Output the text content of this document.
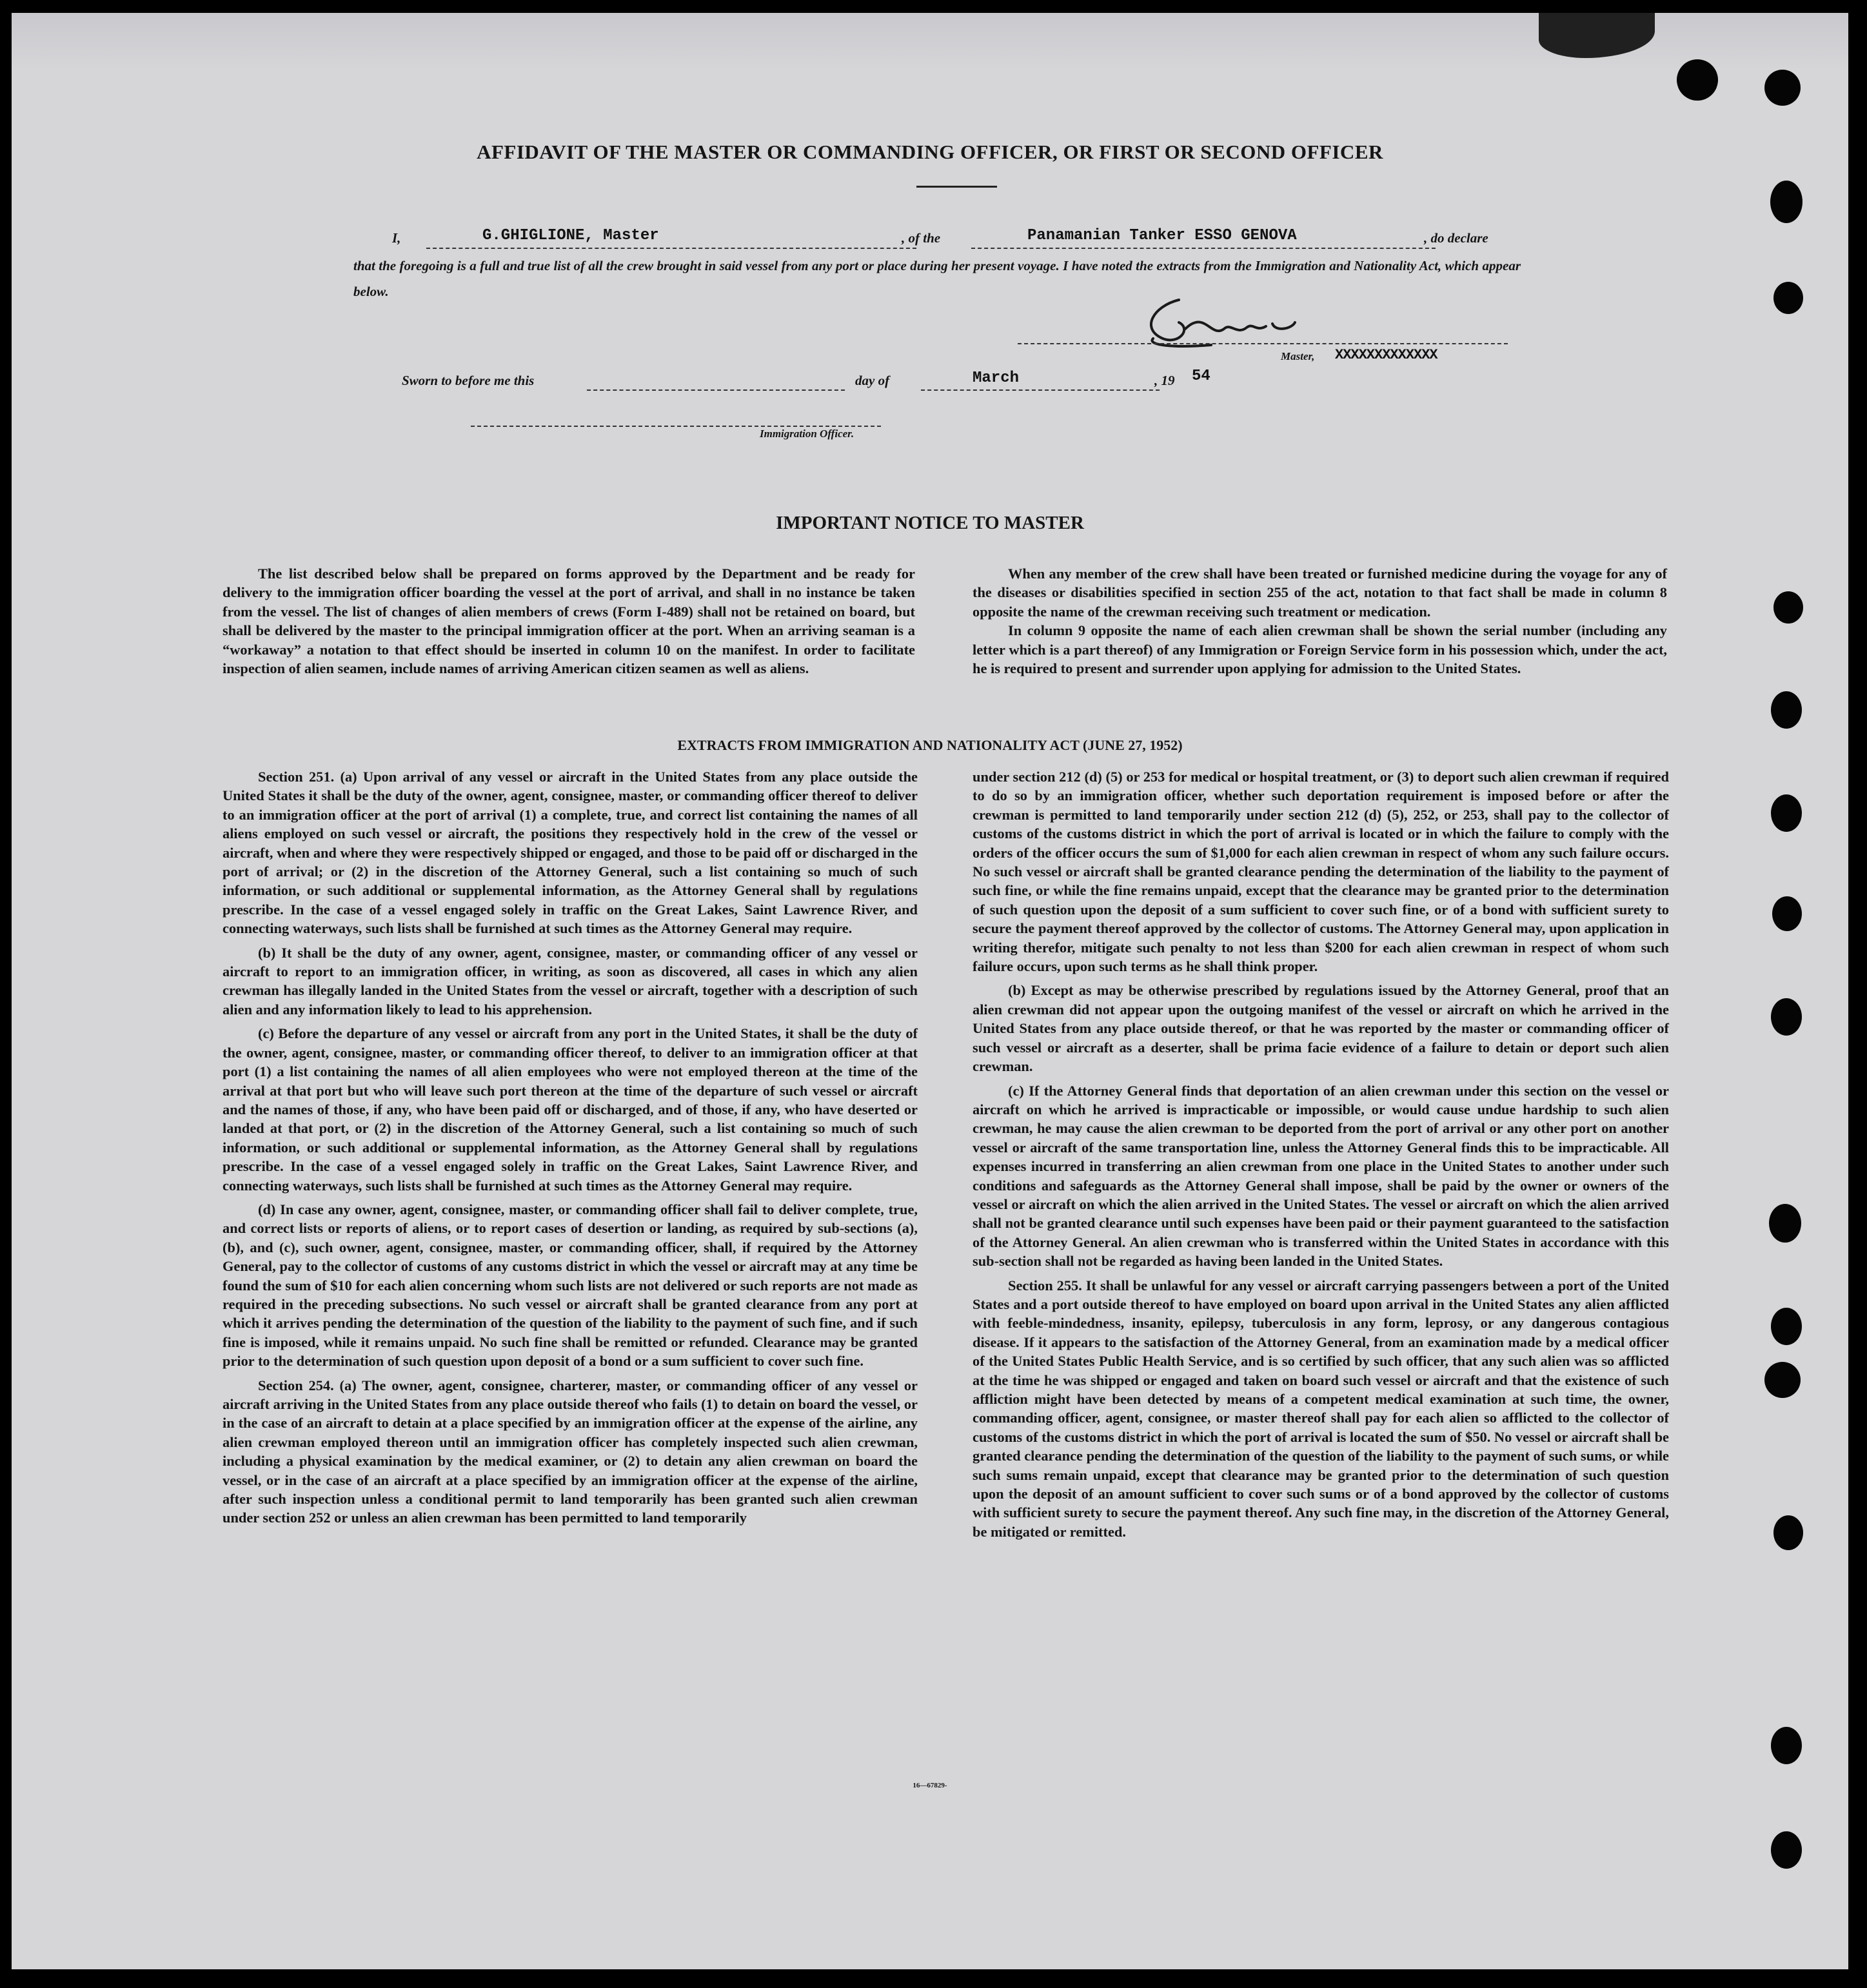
AFFIDAVIT OF THE MASTER OR COMMANDING OFFICER, OR FIRST OR SECOND OFFICER
I,	G.GHIGLIONE, Master	, of the	Panamanian Tanker ESSO GENOVA	, do declare
that the foregoing is a full and true list of all the crew brought in said vessel from any port or place during her present voyage. I have noted the extracts from the Immigration and Nationality Act, which appear below.
Master, XXXXXXXXXXXXX
Sworn to before me this	day of	March	, 19 54
Immigration Officer.
IMPORTANT NOTICE TO MASTER

The list described below shall be prepared on forms approved by the Department and be ready for delivery to the immigration officer boarding the vessel at the port of arrival, and shall in no instance be taken from the vessel. The list of changes of alien members of crews (Form I-489) shall not be retained on board, but shall be delivered by the master to the principal immigration officer at the port. When an arriving seaman is a “workaway” a notation to that effect should be inserted in column 10 on the manifest. In order to facilitate inspection of alien seamen, include names of arriving American citizen seamen as well as aliens.

When any member of the crew shall have been treated or furnished medicine during the voyage for any of the diseases or disabilities specified in section 255 of the act, notation to that fact shall be made in column 8 opposite the name of the crewman receiving such treatment or medication.

In column 9 opposite the name of each alien crewman shall be shown the serial number (including any letter which is a part thereof) of any Immigration or Foreign Service form in his possession which, under the act, he is required to present and surrender upon applying for admission to the United States.

EXTRACTS FROM IMMIGRATION AND NATIONALITY ACT (JUNE 27, 1952)

Section 251. (a) Upon arrival of any vessel or aircraft in the United States from any place outside the United States it shall be the duty of the owner, agent, consignee, master, or commanding officer thereof to deliver to an immigration officer at the port of arrival (1) a complete, true, and correct list containing the names of all aliens employed on such vessel or aircraft, the positions they respectively hold in the crew of the vessel or aircraft, when and where they were respectively shipped or engaged, and those to be paid off or discharged in the port of arrival; or (2) in the discretion of the Attorney General, such a list containing so much of such information, or such additional or supplemental information, as the Attorney General shall by regulations prescribe. In the case of a vessel engaged solely in traffic on the Great Lakes, Saint Lawrence River, and connecting waterways, such lists shall be furnished at such times as the Attorney General may require.

(b) It shall be the duty of any owner, agent, consignee, master, or commanding officer of any vessel or aircraft to report to an immigration officer, in writing, as soon as discovered, all cases in which any alien crewman has illegally landed in the United States from the vessel or aircraft, together with a description of such alien and any information likely to lead to his apprehension.

(c) Before the departure of any vessel or aircraft from any port in the United States, it shall be the duty of the owner, agent, consignee, master, or commanding officer thereof, to deliver to an immigration officer at that port (1) a list containing the names of all alien employees who were not employed thereon at the time of the arrival at that port but who will leave such port thereon at the time of the departure of such vessel or aircraft and the names of those, if any, who have been paid off or discharged, and of those, if any, who have deserted or landed at that port, or (2) in the discretion of the Attorney General, such a list containing so much of such information, or such additional or supplemental information, as the Attorney General shall by regulations prescribe. In the case of a vessel engaged solely in traffic on the Great Lakes, Saint Lawrence River, and connecting waterways, such lists shall be furnished at such times as the Attorney General may require.

(d) In case any owner, agent, consignee, master, or commanding officer shall fail to deliver complete, true, and correct lists or reports of aliens, or to report cases of desertion or landing, as required by sub-sections (a), (b), and (c), such owner, agent, consignee, master, or commanding officer, shall, if required by the Attorney General, pay to the collector of customs of any customs district in which the vessel or aircraft may at any time be found the sum of $10 for each alien concerning whom such lists are not delivered or such reports are not made as required in the preceding subsections. No such vessel or aircraft shall be granted clearance from any port at which it arrives pending the determination of the question of the liability to the payment of such fine, and if such fine is imposed, while it remains unpaid. No such fine shall be remitted or refunded. Clearance may be granted prior to the determination of such question upon deposit of a bond or a sum sufficient to cover such fine.

Section 254. (a) The owner, agent, consignee, charterer, master, or commanding officer of any vessel or aircraft arriving in the United States from any place outside thereof who fails (1) to detain on board the vessel, or in the case of an aircraft to detain at a place specified by an immigration officer at the expense of the airline, any alien crewman employed thereon until an immigration officer has completely inspected such alien crewman, including a physical examination by the medical examiner, or (2) to detain any alien crewman on board the vessel, or in the case of an aircraft at a place specified by an immigration officer at the expense of the airline, after such inspection unless a conditional permit to land temporarily has been granted such alien crewman under section 252 or unless an alien crewman has been permitted to land temporarily

under section 212 (d) (5) or 253 for medical or hospital treatment, or (3) to deport such alien crewman if required to do so by an immigration officer, whether such deportation requirement is imposed before or after the crewman is permitted to land temporarily under section 212 (d) (5), 252, or 253, shall pay to the collector of customs of the customs district in which the port of arrival is located or in which the failure to comply with the orders of the officer occurs the sum of $1,000 for each alien crewman in respect of whom any such failure occurs. No such vessel or aircraft shall be granted clearance pending the determination of the liability to the payment of such fine, or while the fine remains unpaid, except that the clearance may be granted prior to the determination of such question upon the deposit of a sum sufficient to cover such fine, or of a bond with sufficient surety to secure the payment thereof approved by the collector of customs. The Attorney General may, upon application in writing therefor, mitigate such penalty to not less than $200 for each alien crewman in respect of whom such failure occurs, upon such terms as he shall think proper.

(b) Except as may be otherwise prescribed by regulations issued by the Attorney General, proof that an alien crewman did not appear upon the outgoing manifest of the vessel or aircraft on which he arrived in the United States from any place outside thereof, or that he was reported by the master or commanding officer of such vessel or aircraft as a deserter, shall be prima facie evidence of a failure to detain or deport such alien crewman.

(c) If the Attorney General finds that deportation of an alien crewman under this section on the vessel or aircraft on which he arrived is impracticable or impossible, or would cause undue hardship to such alien crewman, he may cause the alien crewman to be deported from the port of arrival or any other port on another vessel or aircraft of the same transportation line, unless the Attorney General finds this to be impracticable. All expenses incurred in transferring an alien crewman from one place in the United States to another under such conditions and safeguards as the Attorney General shall impose, shall be paid by the owner or owners of the vessel or aircraft on which the alien arrived in the United States. The vessel or aircraft on which the alien arrived shall not be granted clearance until such expenses have been paid or their payment guaranteed to the satisfaction of the Attorney General. An alien crewman who is transferred within the United States in accordance with this sub-section shall not be regarded as having been landed in the United States.

Section 255. It shall be unlawful for any vessel or aircraft carrying passengers between a port of the United States and a port outside thereof to have employed on board upon arrival in the United States any alien afflicted with feeble-mindedness, insanity, epilepsy, tuberculosis in any form, leprosy, or any dangerous contagious disease. If it appears to the satisfaction of the Attorney General, from an examination made by a medical officer of the United States Public Health Service, and is so certified by such officer, that any such alien was so afflicted at the time he was shipped or engaged and taken on board such vessel or aircraft and that the existence of such affliction might have been detected by means of a competent medical examination at such time, the owner, commanding officer, agent, consignee, or master thereof shall pay for each alien so afflicted to the collector of customs of the customs district in which the port of arrival is located the sum of $50. No vessel or aircraft shall be granted clearance pending the determination of the question of the liability to the payment of such sums, or while such sums remain unpaid, except that clearance may be granted prior to the determination of such question upon the deposit of an amount sufficient to cover such sums or of a bond approved by the collector of customs with sufficient surety to secure the payment thereof. Any such fine may, in the discretion of the Attorney General, be mitigated or remitted.

16—67829-
